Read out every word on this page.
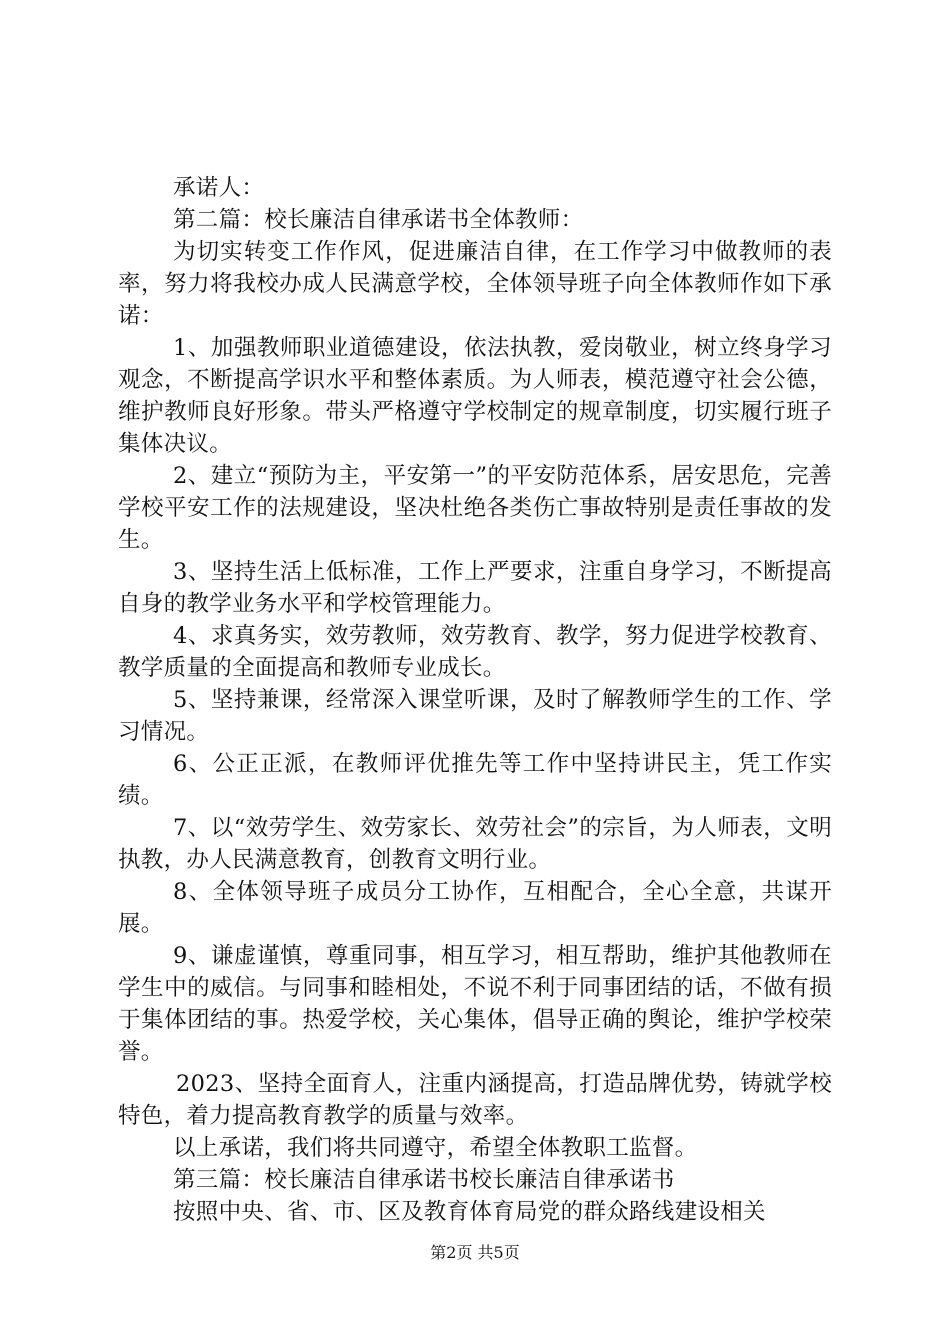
承诺人：

第二篇：校长廉洁自律承诺书全体教师：

为切实转变工作作风，促进廉洁自律，在工作学习中做教师的表率，努力将我校办成人民满意学校，全体领导班子向全体教师作如下承诺：

1、加强教师职业道德建设，依法执教，爱岗敬业，树立终身学习观念，不断提高学识水平和整体素质。为人师表，模范遵守社会公德，维护教师良好形象。带头严格遵守学校制定的规章制度，切实履行班子集体决议。

2、建立“预防为主，平安第一”的平安防范体系，居安思危，完善学校平安工作的法规建设，坚决杜绝各类伤亡事故特别是责任事故的发生。

3、坚持生活上低标准，工作上严要求，注重自身学习，不断提高自身的教学业务水平和学校管理能力。

4、求真务实，效劳教师，效劳教育、教学，努力促进学校教育、教学质量的全面提高和教师专业成长。

5、坚持兼课，经常深入课堂听课，及时了解教师学生的工作、学习情况。

6、公正正派，在教师评优推先等工作中坚持讲民主，凭工作实绩。

7、以“效劳学生、效劳家长、效劳社会”的宗旨，为人师表，文明执教，办人民满意教育，创教育文明行业。

8、全体领导班子成员分工协作，互相配合，全心全意，共谋开展。

9、谦虚谨慎，尊重同事，相互学习，相互帮助，维护其他教师在学生中的威信。与同事和睦相处，不说不利于同事团结的话，不做有损于集体团结的事。热爱学校，关心集体，倡导正确的舆论，维护学校荣誉。

2023、坚持全面育人，注重内涵提高，打造品牌优势，铸就学校特色，着力提高教育教学的质量与效率。

以上承诺，我们将共同遵守，希望全体教职工监督。

第三篇：校长廉洁自律承诺书校长廉洁自律承诺书

按照中央、省、市、区及教育体育局党的群众路线建设相关

第2页 共5页
